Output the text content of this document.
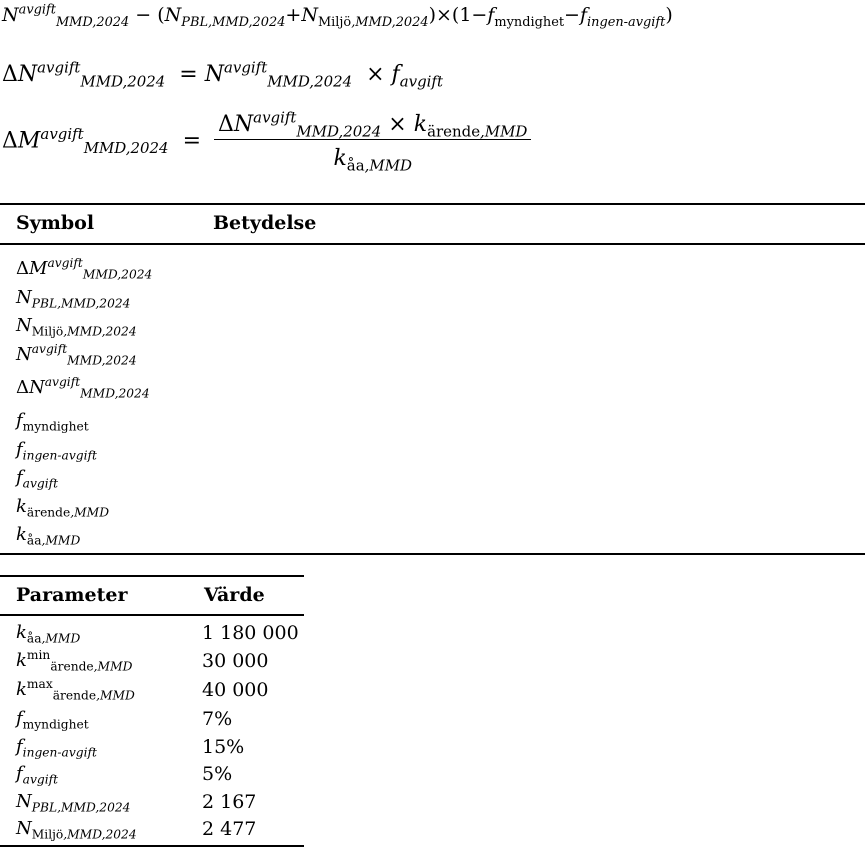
$N^{avgift}_{MMD,2024} - (N_{PBL,MMD,2024}+N_{Miljö,MMD,2024})\times(1-f_{myndighet}-f_{ingen-avgift})$
$\Delta N^{avgift}_{MMD,2024} = N^{avgift}_{MMD,2024} \times f_{avgift}$
$\Delta M^{avgift}_{MMD,2024} = \frac{\Delta N^{avgift}_{MMD,2024} \times k_{ärende,MMD}}{k_{åa,MMD}}$
Symbol	Betydelse
$\Delta M^{avgift}_{MMD,2024}$
$N_{PBL,MMD,2024}$
$N_{Miljö,MMD,2024}$
$N^{avgift}_{MMD,2024}$
$\Delta N^{avgift}_{MMD,2024}$
$f_{myndighet}$
$f_{ingen-avgift}$
$f_{avgift}$
$k_{ärende,MMD}$
$k_{åa,MMD}$
Parameter	Värde
$k_{åa,MMD}$	1 180 000
$k^{min}_{ärende,MMD}$	30 000
$k^{max}_{ärende,MMD}$	40 000
$f_{myndighet}$	7%
$f_{ingen-avgift}$	15%
$f_{avgift}$	5%
$N_{PBL,MMD,2024}$	2 167
$N_{Miljö,MMD,2024}$	2 477
